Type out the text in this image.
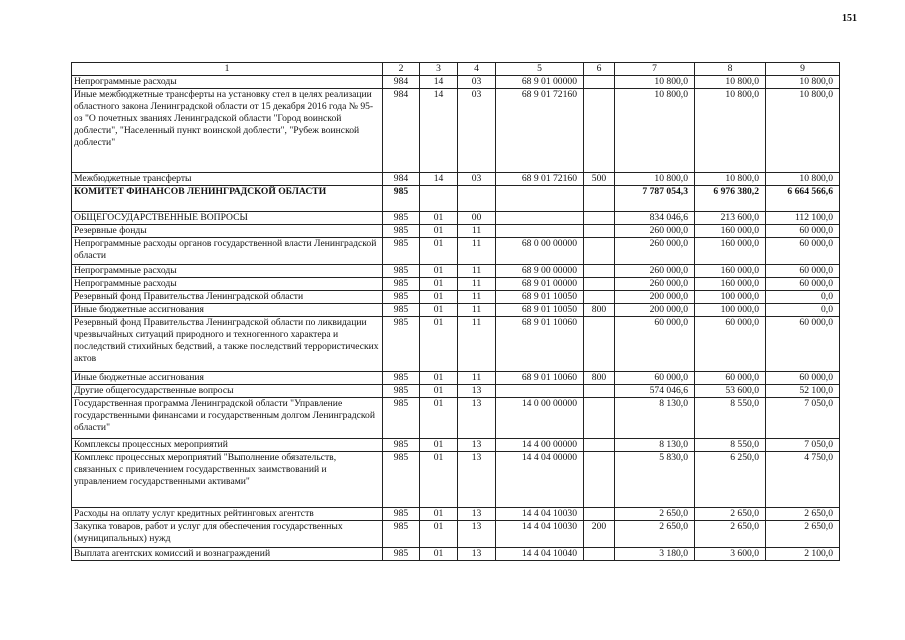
151
1	2	3	4	5	6	7	8	9
Непрограммные расходы	984	14	03	68 9 01 00000		10 800,0	10 800,0	10 800,0
Иные межбюджетные трансферты на установку стел в целях реализации областного закона Ленинградской области от 15 декабря 2016 года № 95-оз "О почетных званиях Ленинградской области "Город воинской доблести", "Населенный пункт воинской доблести", "Рубеж воинской доблести"	984	14	03	68 9 01 72160		10 800,0	10 800,0	10 800,0
Межбюджетные трансферты	984	14	03	68 9 01 72160	500	10 800,0	10 800,0	10 800,0
КОМИТЕТ ФИНАНСОВ ЛЕНИНГРАДСКОЙ ОБЛАСТИ	985					7 787 054,3	6 976 380,2	6 664 566,6
ОБЩЕГОСУДАРСТВЕННЫЕ ВОПРОСЫ	985	01	00			834 046,6	213 600,0	112 100,0
Резервные фонды	985	01	11			260 000,0	160 000,0	60 000,0
Непрограммные расходы органов государственной власти Ленинградской области	985	01	11	68 0 00 00000		260 000,0	160 000,0	60 000,0
Непрограммные расходы	985	01	11	68 9 00 00000		260 000,0	160 000,0	60 000,0
Непрограммные расходы	985	01	11	68 9 01 00000		260 000,0	160 000,0	60 000,0
Резервный фонд Правительства Ленинградской области	985	01	11	68 9 01 10050		200 000,0	100 000,0	0,0
Иные бюджетные ассигнования	985	01	11	68 9 01 10050	800	200 000,0	100 000,0	0,0
Резервный фонд Правительства Ленинградской области по ликвидации чрезвычайных ситуаций природного и техногенного характера и последствий стихийных бедствий, а также последствий террористических актов	985	01	11	68 9 01 10060		60 000,0	60 000,0	60 000,0
Иные бюджетные ассигнования	985	01	11	68 9 01 10060	800	60 000,0	60 000,0	60 000,0
Другие общегосударственные вопросы	985	01	13			574 046,6	53 600,0	52 100,0
Государственная программа Ленинградской области "Управление государственными финансами и государственным долгом Ленинградской области"	985	01	13	14 0 00 00000		8 130,0	8 550,0	7 050,0
Комплексы процессных мероприятий	985	01	13	14 4 00 00000		8 130,0	8 550,0	7 050,0
Комплекс процессных мероприятий "Выполнение обязательств, связанных с привлечением государственных заимствований и управлением государственными активами"	985	01	13	14 4 04 00000		5 830,0	6 250,0	4 750,0
Расходы на оплату услуг кредитных рейтинговых агентств	985	01	13	14 4 04 10030		2 650,0	2 650,0	2 650,0
Закупка товаров, работ и услуг для обеспечения государственных (муниципальных) нужд	985	01	13	14 4 04 10030	200	2 650,0	2 650,0	2 650,0
Выплата агентских комиссий и вознаграждений	985	01	13	14 4 04 10040		3 180,0	3 600,0	2 100,0
